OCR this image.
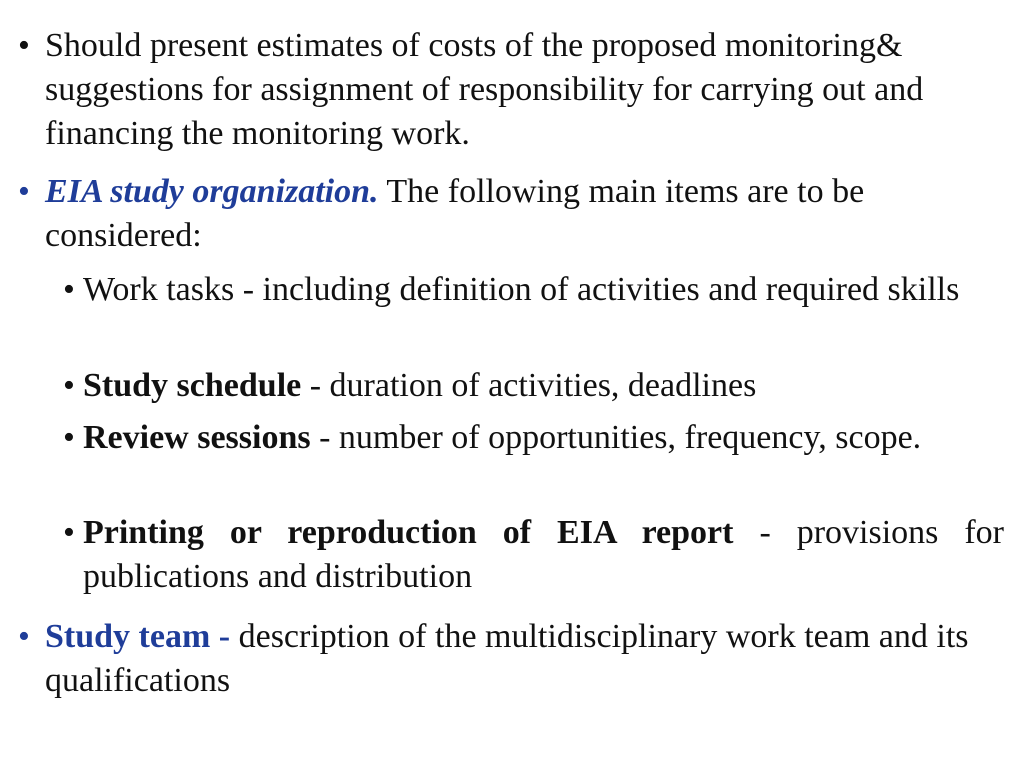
• Should present estimates of costs of the proposed monitoring& suggestions for assignment of responsibility for carrying out and financing the monitoring work.

• EIA study organization. The following main items are to be considered:

• Work tasks - including definition of activities and required skills

• Study schedule - duration of activities, deadlines

• Review sessions - number of opportunities, frequency, scope.

• Printing or reproduction of EIA report - provisions for publications and distribution

• Study team - description of the multidisciplinary work team and its qualifications
